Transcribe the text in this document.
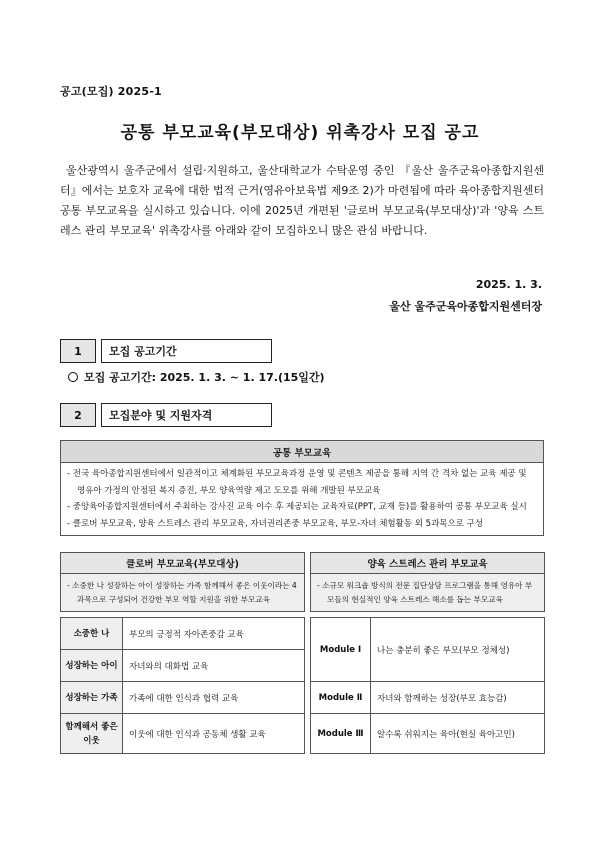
공고(모집) 2025-1
공통 부모교육(부모대상) 위촉강사 모집 공고
울산광역시 울주군에서 설립·지원하고, 울산대학교가 수탁운영 중인 『울산 울주군육아종합지원센터』에서는 보호자 교육에 대한 법적 근거(영유아보육법 제9조 2)가 마련됨에 따라 육아종합지원센터 공통 부모교육을 실시하고 있습니다. 이에 2025년 개편된 '글로버 부모교육(부모대상)'과 '양육 스트레스 관리 부모교육' 위촉강사를 아래와 같이 모집하오니 많은 관심 바랍니다.
2025. 1. 3.
울산 울주군육아종합지원센터장
1	모집 공고기간
모집 공고기간: 2025. 1. 3. ~ 1. 17.(15일간)
2	모집분야 및 지원자격
공통 부모교육

- 전국 육아종합지원센터에서 일관적이고 체계화된 부모교육과정 운영 및 콘텐츠 제공을 통해 지역 간 격차 없는 교육 제공 및 영유아 가정의 안정된 복지 증진, 부모 양육역량 제고 도모를 위해 개발된 부모교육
- 중앙육아종합지원센터에서 주최하는 강사진 교육 이수 후 제공되는 교육자료(PPT, 교재 등)를 활용하여 공통 부모교육 실시
- 클로버 부모교육, 양육 스트레스 관리 부모교육, 자녀권리존중 부모교육, 부모-자녀 체험활동 외 5과목으로 구성
클로버 부모교육(부모대상)			양육 스트레스 관리 부모교육	

- 소중한 나 성장하는 아이 성장하는 가족 함께해서 좋은 이웃이라는 4과목으로 구성되어 건강한 부모 역할 지원을 위한 부모교육			- 소규모 워크숍 방식의 전문 집단상담 프로그램을 통해 영유아 부모들의 현실적인 양육 스트레스 해소를 돕는 부모교육	

소중한 나	부모의 긍정적 자아존중감 교육		Module Ⅰ	나는 충분히 좋은 부모(부모 정체성)
성장하는 아이	자녀와의 대화법 교육			
성장하는 가족	가족에 대한 인식과 협력 교육		Module Ⅱ	자녀와 함께하는 성장(부모 효능감)
함께해서 좋은 이웃	이웃에 대한 인식과 공동체 생활 교육		Module Ⅲ	알수록 쉬워지는 육아(현실 육아고민)
